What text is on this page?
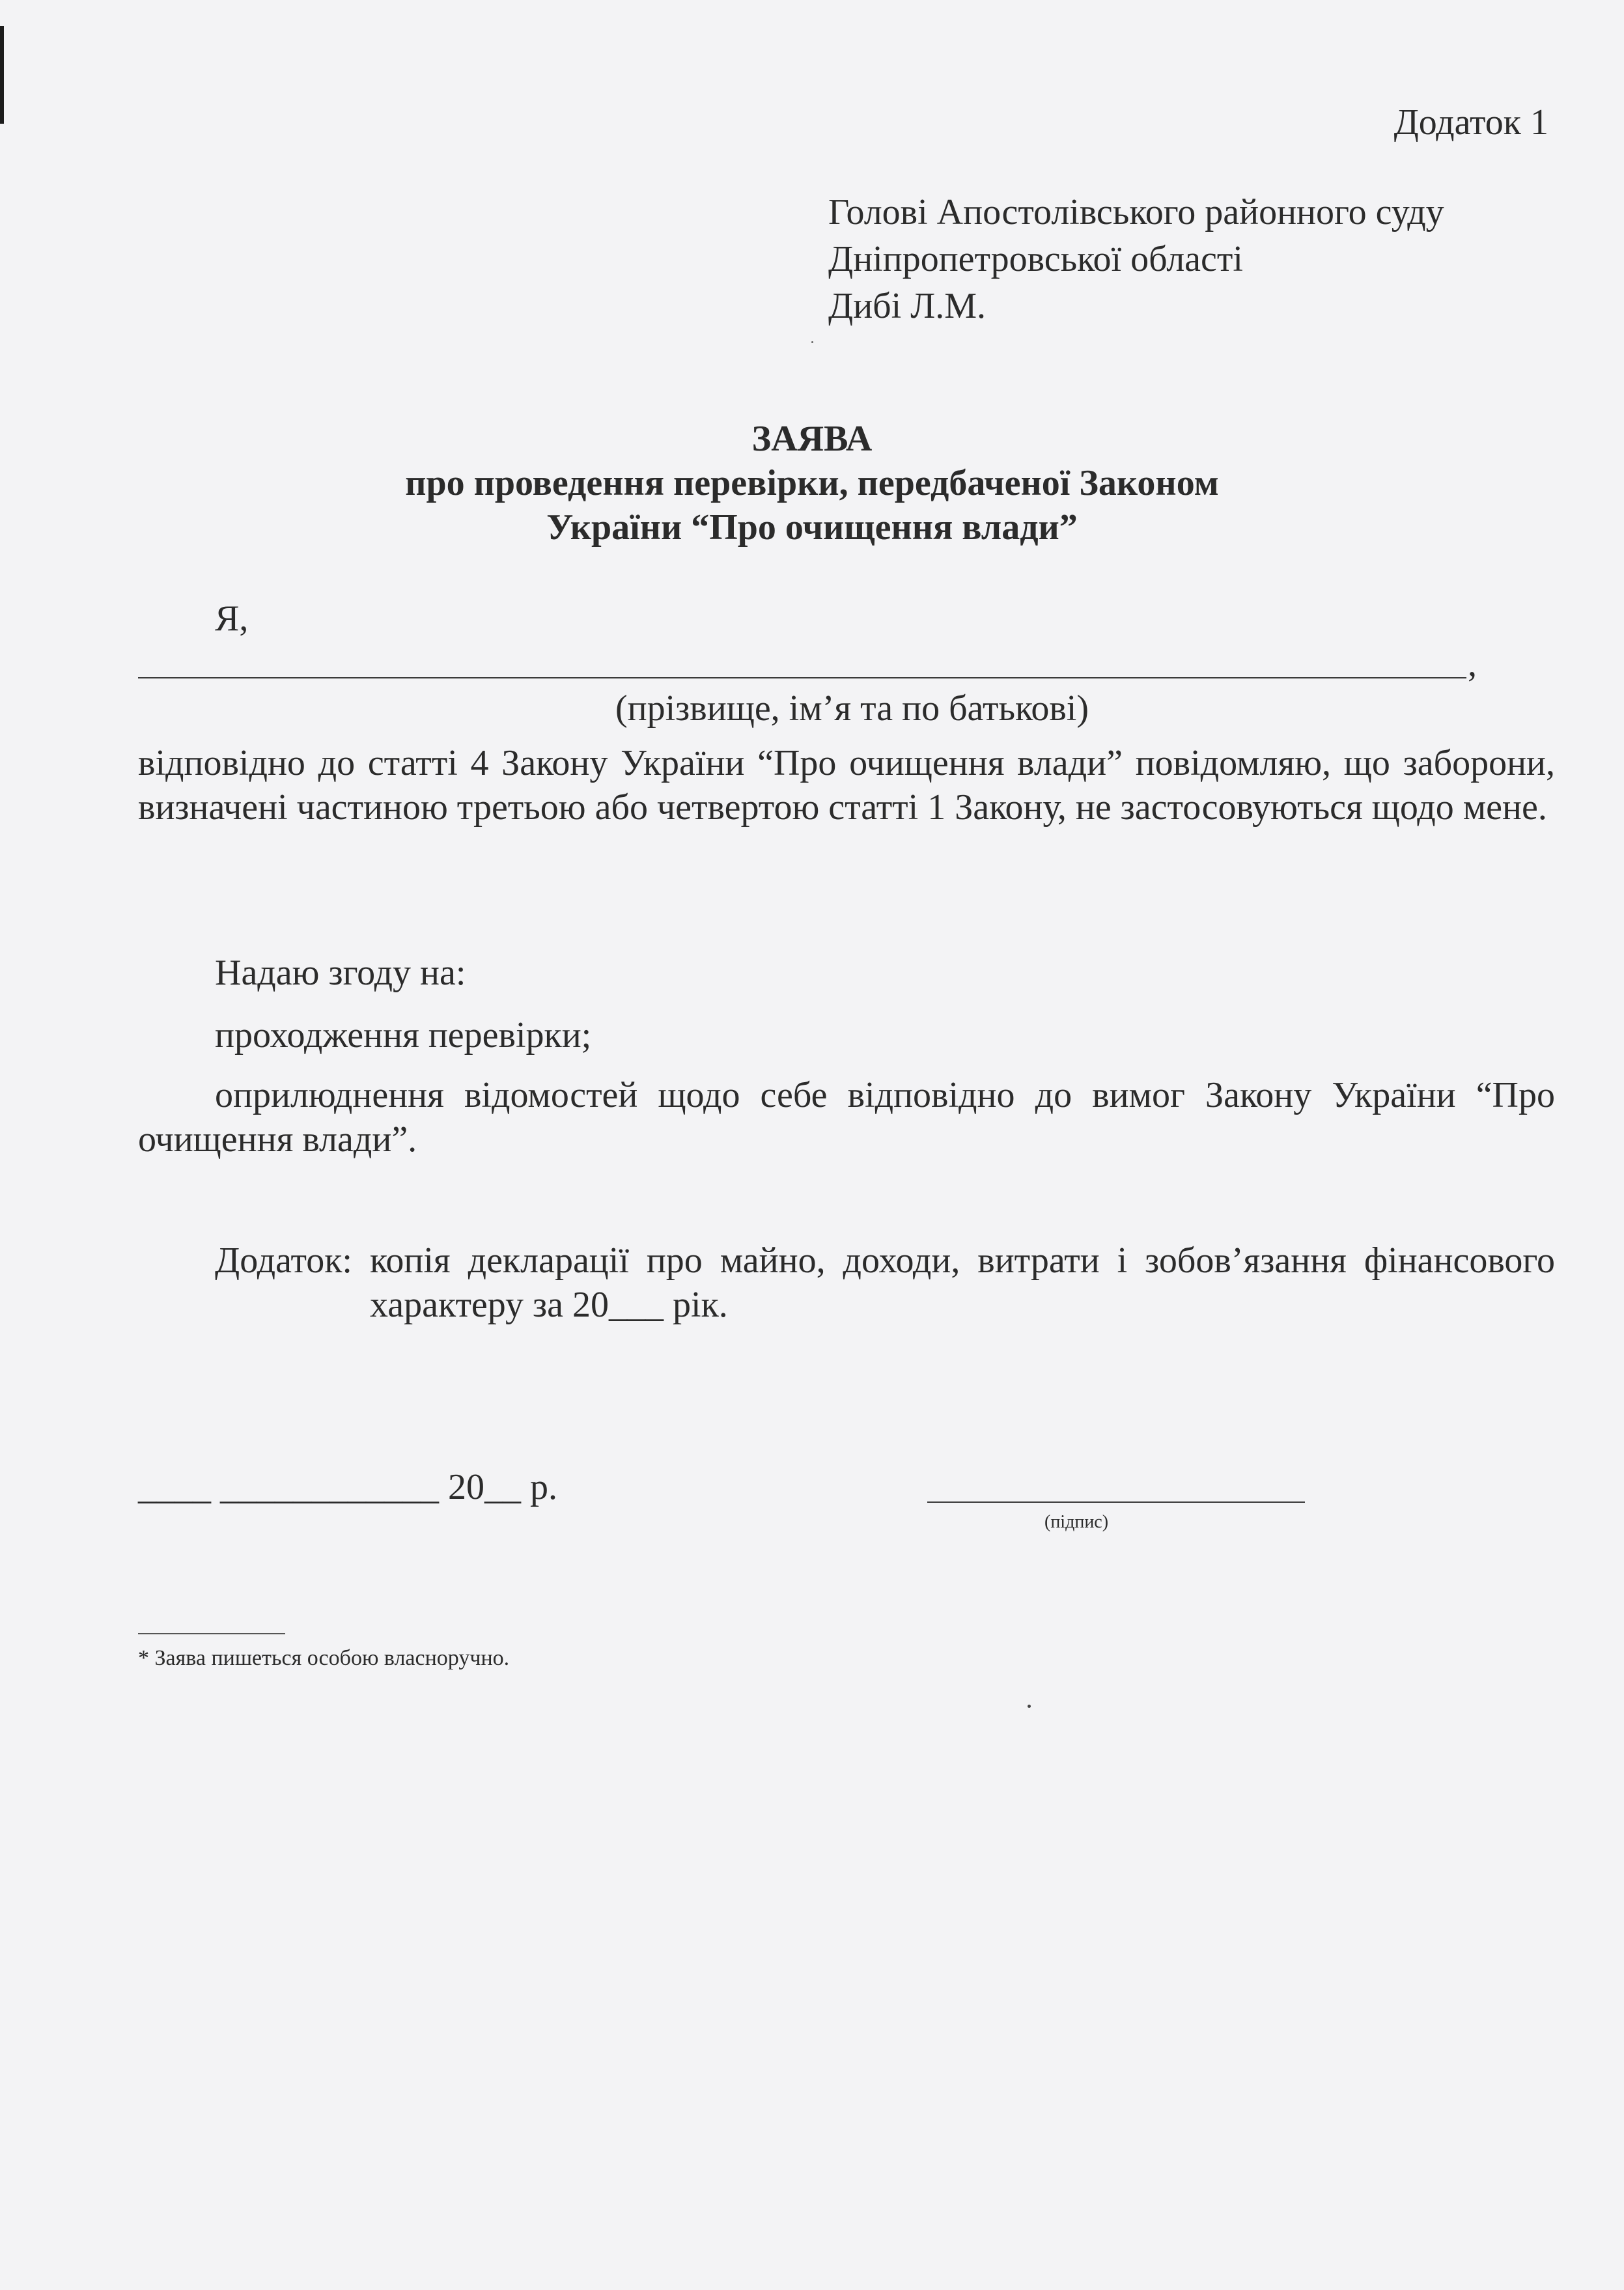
Додаток 1
Голові Апостолівського районного суду
Дніпропетровської області
Дибі Л.М.
ЗАЯВА
про проведення перевірки, передбаченої Законом
України “Про очищення влади”
Я,
,
(прізвище, ім’я та по батькові)
відповідно до статті 4 Закону України “Про очищення влади” повідомляю, що заборони, визначені частиною третьою або четвертою статті 1 Закону, не застосовуються щодо мене.
Надаю згоду на:
проходження перевірки;
оприлюднення відомостей щодо себе відповідно до вимог Закону України “Про очищення влади”.
Додаток: копія декларації про майно, доходи, витрати і зобов’язання фінансового характеру за 20___ рік.
____ ____________ 20__ р.
(підпис)
* Заява пишеться особою власноручно.
